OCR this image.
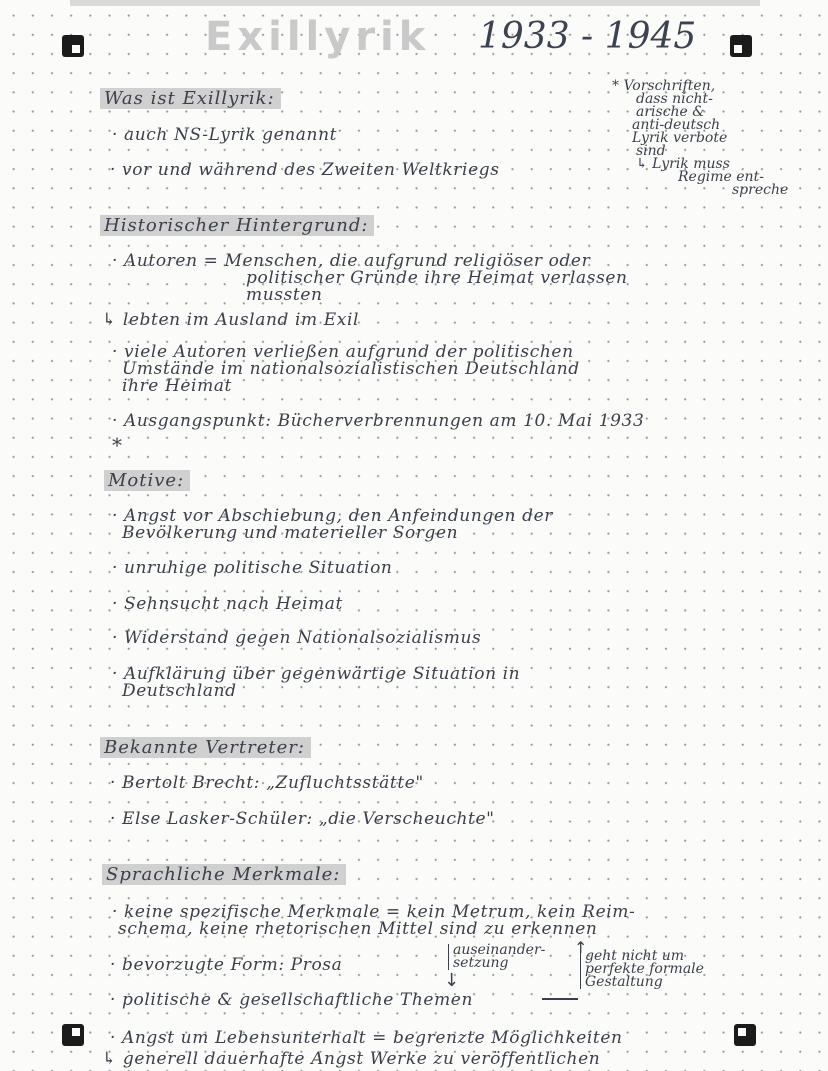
Exillyrik 1933 - 1945
Was ist Exillyrik:
· auch NS-Lyrik genannt
· vor und während des Zweiten Weltkriegs
* Vorschriften,
dass nicht-
arische &
anti-deutsch
Lyrik verbote
sind
↳ Lyrik muss
Regime ent-
spreche
Historischer Hintergrund:
· Autoren = Menschen, die aufgrund religiöser oder
politischer Gründe ihre Heimat verlassen
mussten
↳ lebten im Ausland im Exil
· viele Autoren verließen aufgrund der politischen
Umstände im nationalsozialistischen Deutschland
ihre Heimat
· Ausgangspunkt: Bücherverbrennungen am 10. Mai 1933
*
Motive:
· Angst vor Abschiebung, den Anfeindungen der
Bevölkerung und materieller Sorgen
· unruhige politische Situation
· Sehnsucht nach Heimat
· Widerstand gegen Nationalsozialismus
· Aufklärung über gegenwärtige Situation in
Deutschland
Bekannte Vertreter:
· Bertolt Brecht: „Zufluchtsstätte"
· Else Lasker-Schüler: „die Verscheuchte"
Sprachliche Merkmale:
· keine spezifische Merkmale = kein Metrum, kein Reim-
schema, keine rhetorischen Mittel sind zu erkennen
· bevorzugte Form: Prosa
auseinander-
setzung
↓
geht nicht um
perfekte formale
Gestaltung
↑
· politische & gesellschaftliche Themen
· Angst um Lebensunterhalt = begrenzte Möglichkeiten
↳ generell dauerhafte Angst Werke zu veröffentlichen
